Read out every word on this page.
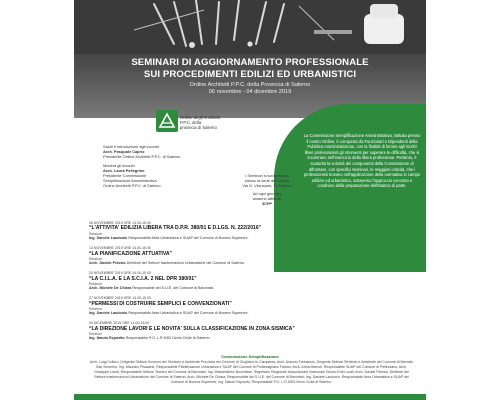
SEMINARI DI AGGIORNAMENTO PROFESSIONALE
SUI PROCEDIMENTI EDILIZI ED URBANISTICI
Ordine Architetti P.P.C. della Provincia di Salerno
06 novembre - 04 dicembre 2019
La Commissione Semplificazione Amministrativa, istituita presso il nostro Ordine, è composta da Funzionari e Dipendenti della Pubblica Amministrazione, con la finalità di fornire agli iscritti liberi professionisti gli strumenti per superare le difficoltà, che si incontrano nell'esercizio della libera professione. Pertanto, è scaturita la volontà dei componenti della Commissione di affrontare, con specifici Seminari, le maggiori criticità, che i professionisti trovano nell'applicazione della normativa in campo edilizio ed urbanistico, attraverso l'approccio concreto e condiviso della preparazione dell'istanza di parte.
Ordine degli Architetti
P.P.C. della
provincia di Salerno
Saluti e introduzione agli incontri
Arch. Pasquale Caprio
Presidente Ordine Architetti P.P.C. di Salerno
Modera gli incontri
Arch. Laura Pellegrino
Presidente Commissione
Semplificazione Amministrativa
Ordine Architetti P.P.C. di Salerno
I Seminari si svolgeranno
presso la sede dell'Ordine
Via G. Vicinanza, 11 Salerno
Ad ogni giornata
saranno attribuiti
3CFP
06 NOVEMBRE 2019 ORE 14.00-15.00
“L'ATTIVITA' EDILIZIA LIBERA TRA D.P.R. 380/01 E D.LGS. N. 222/2016”
Relatore
Ing. Daniele Laudonio Responsabile Area Urbanistica e SUAP del Comune di Nocera Superiore.
13 NOVEMBRE 2019 ORE 14.00-15.00
“LA PIANIFICAZIONE ATTUATIVA”
Relatore
Arch. Davide Pelosio Direttore del Settore trasformazioni Urbanistiche del Comune di Salerno.
20 NOVEMBRE 2019 ORE 14.00-15.00
“LA C.I.L.A. E LA S.C.I.A. 2 NEL DPR 380/01”
Relatore
Arch. Michele De Chiara Responsabile del S.U.E. del Comune di Baronissi.
27 NOVEMBRE 2019 ORE 14.00-15.00
“PERMESSI DI COSTRUIRE SEMPLICI E CONVENZIONATI”
Relatore
Ing. Daniele Laudonio Responsabile Area Urbanistica e SUAP del Comune di Nocera Superiore.
04 DICEMBRE 2019 ORE 14.00-15.00
“LA DIREZIONE LAVORI E LE NOVITA' SULLA CLASSIFICAZIONE IN ZONA SISMICA”
Relatore
Ing. Nando Esposito Responsabile P.O. L.R.9/83 Genio Civile di Salerno.
Commissione Semplificazione
Arch. Luigi Colluro, Dirigente Settore Governo del Territorio e Ambiente Provincia del Comune di Giugliano in Campania; Arch. Antonio Farinaccio, Dirigente Settore Territorio e Ambiente del Comune di Mercato San Severino; Ing. Maurizio Pisacane, Responsabile Pianificazione Urbanistica e SUAP del Comune di Pontecagnano Faiano; Arch. Anna Memoli, Responsabile SUAP del Comune di Pellezzano; Arch. Giuseppe Landi, Responsabile Settore Tecnico del Comune di Baronissi; Ing. Massimiliano Nuzzolese, Segretario Regionale Associazione Nazionale Tecnici Enti Locali; Arch. Davide Pelosio, Direttore del Settore trasformazioni Urbanistiche del Comune di Salerno; Arch. Michele De Chiara, Responsabile del S.U.E. del Comune di Baronissi; Ing. Daniele Laudonio, Responsabile Area Urbanistica e SUAP del Comune di Nocera Superiore; Ing. Nando Esposito, Responsabile P.O. L.R.9/83 Genio Civile di Salerno.
